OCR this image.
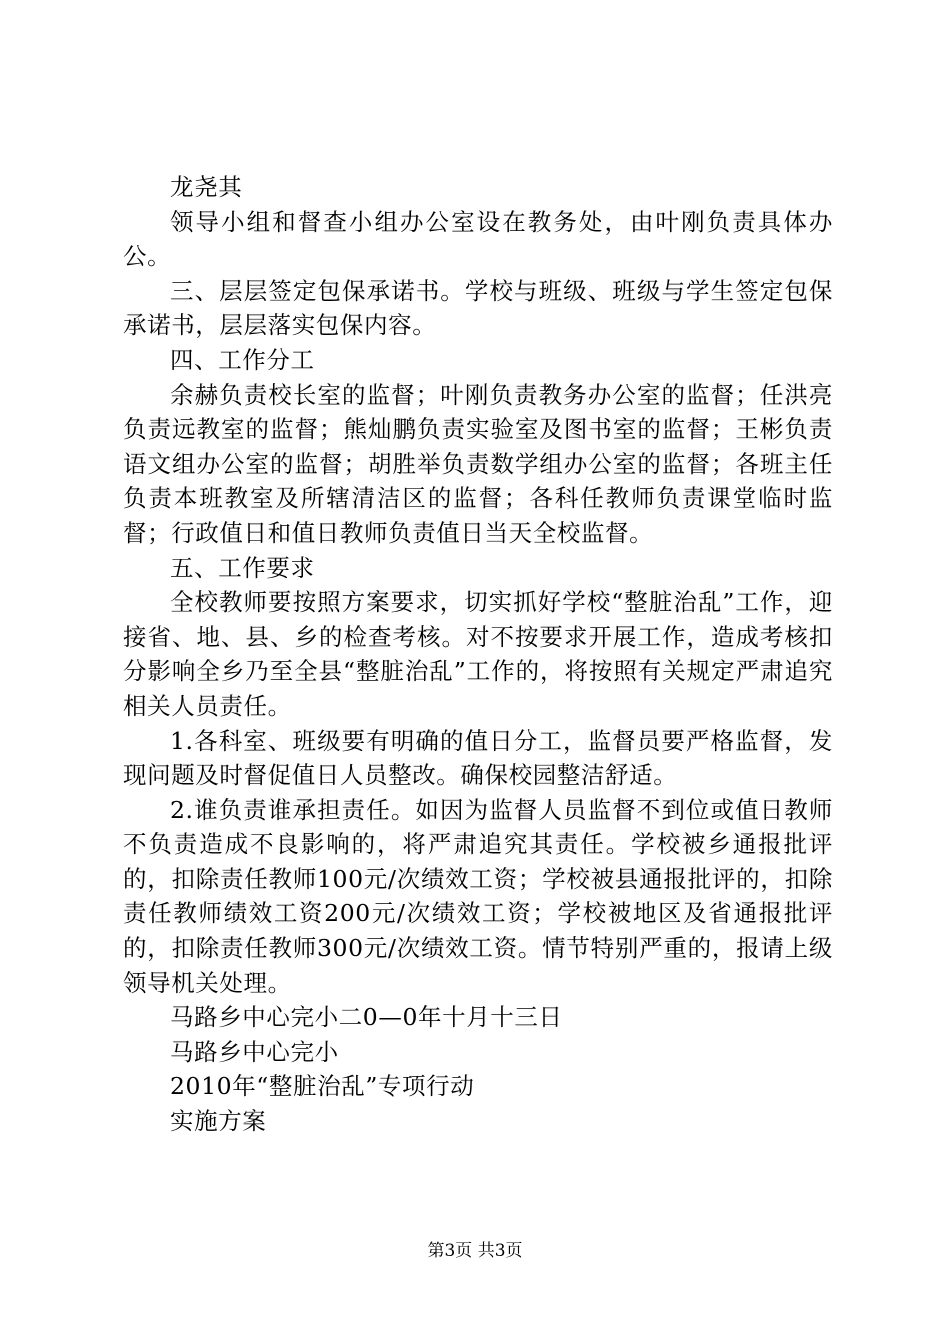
龙尧其

领导小组和督查小组办公室设在教务处，由叶刚负责具体办公。

三、层层签定包保承诺书。学校与班级、班级与学生签定包保承诺书，层层落实包保内容。

四、工作分工

余赫负责校长室的监督；叶刚负责教务办公室的监督；任洪亮负责远教室的监督；熊灿鹏负责实验室及图书室的监督；王彬负责语文组办公室的监督；胡胜举负责数学组办公室的监督；各班主任负责本班教室及所辖清洁区的监督；各科任教师负责课堂临时监督；行政值日和值日教师负责值日当天全校监督。

五、工作要求

全校教师要按照方案要求，切实抓好学校“整脏治乱”工作，迎接省、地、县、乡的检查考核。对不按要求开展工作，造成考核扣分影响全乡乃至全县“整脏治乱”工作的，将按照有关规定严肃追究相关人员责任。

1.各科室、班级要有明确的值日分工，监督员要严格监督，发现问题及时督促值日人员整改。确保校园整洁舒适。

2.谁负责谁承担责任。如因为监督人员监督不到位或值日教师不负责造成不良影响的，将严肃追究其责任。学校被乡通报批评的，扣除责任教师100元/次绩效工资；学校被县通报批评的，扣除责任教师绩效工资200元/次绩效工资；学校被地区及省通报批评的，扣除责任教师300元/次绩效工资。情节特别严重的，报请上级领导机关处理。

马路乡中心完小二0—0年十月十三日

马路乡中心完小

2010年“整脏治乱”专项行动

实施方案

第3页 共3页
